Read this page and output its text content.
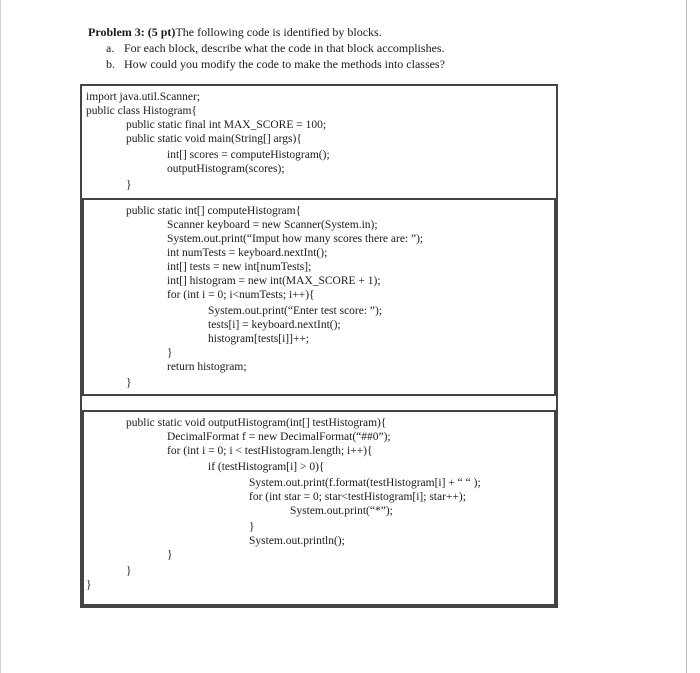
Problem 3: (5 pt)The following code is identified by blocks.
a. For each block, describe what the code in that block accomplishes.
b. How could you modify the code to make the methods into classes?
import java.util.Scanner;
public class Histogram{
public static final int MAX_SCORE = 100;
public static void main(String[] args){
int[] scores = computeHistogram();
outputHistogram(scores);
}
public static int[] computeHistogram{
Scanner keyboard = new Scanner(System.in);
System.out.print(“Imput how many scores there are: ”);
int numTests = keyboard.nextInt();
int[] tests = new int[numTests];
int[] histogram = new int(MAX_SCORE + 1);
for (int i = 0; i<numTests; i++){
System.out.print(“Enter test score: ”);
tests[i] = keyboard.nextInt();
histogram[tests[i]]++;
}
return histogram;
}
public static void outputHistogram(int[] testHistogram){
DecimalFormat f = new DecimalFormat(“##0”);
for (int i = 0; i < testHistogram.length; i++){
if (testHistogram[i] > 0){
System.out.print(f.format(testHistogram[i] + “ “ );
for (int star = 0; star<testHistogram[i]; star++);
System.out.print(“*”);
}
System.out.println();
}
}
}
